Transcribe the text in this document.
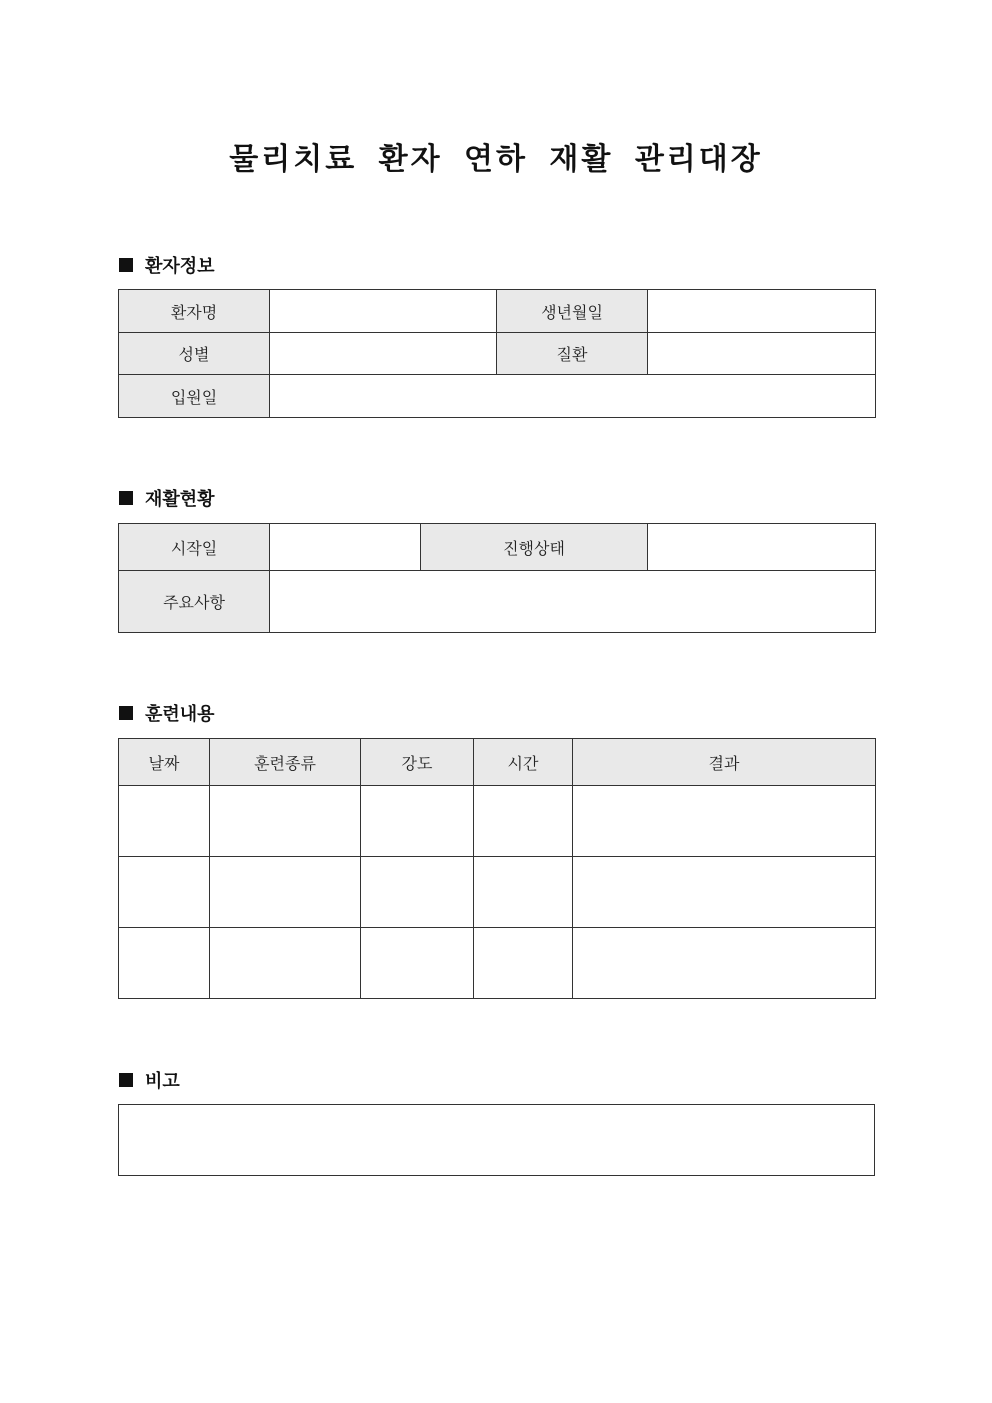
물리치료 환자 연하 재활 관리대장
환자정보
환자명		생년월일	
성별		질환	
입원일			
재활현황
시작일		진행상태	
주요사항			
훈련내용
날짜	훈련종류	강도	시간	결과

비고
